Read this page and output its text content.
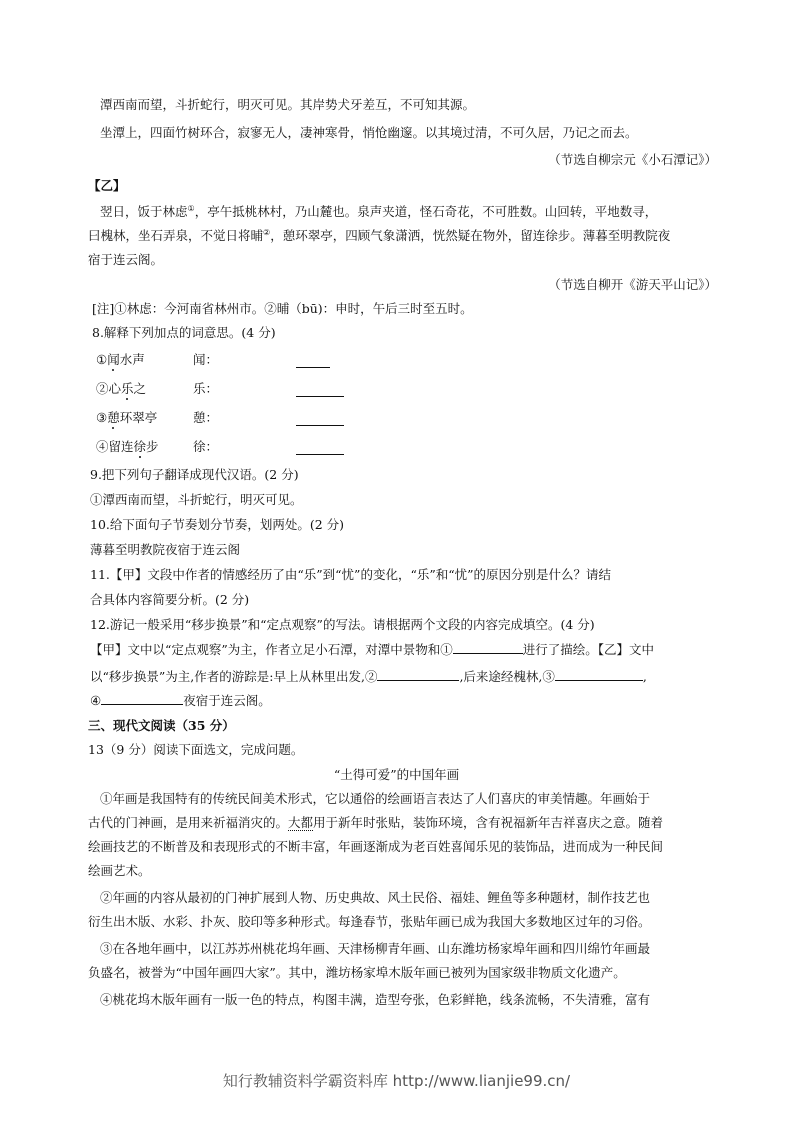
潭西南而望，斗折蛇行，明灭可见。其岸势犬牙差互，不可知其源。
坐潭上，四面竹树环合，寂寥无人，凄神寒骨，悄怆幽邃。以其境过清，不可久居，乃记之而去。
（节选自柳宗元《小石潭记》）
【乙】
翌日，饭于林虑①，亭午抵桃林村，乃山麓也。泉声夹道，怪石奇花，不可胜数。山回转，平地数寻，
曰槐林，坐石弄泉，不觉日将晡②，憩环翠亭，四顾气象潇洒，恍然疑在物外，留连徐步。薄暮至明教院夜
宿于连云阁。
（节选自柳开《游天平山记》）
[注]①林虑：今河南省林州市。②晡（bū)：申时，午后三时至五时。
8.解释下列加点的词意思。(4 分)
①闻水声	闻：
②心乐之	乐：
③憩环翠亭	憩：
④留连徐步	徐：
9.把下列句子翻译成现代汉语。(2 分)
①潭西南而望，斗折蛇行，明灭可见。
10.给下面句子节奏划分节奏，划两处。(2 分)
薄暮至明教院夜宿于连云阁
11.【甲】文段中作者的情感经历了由“乐”到“忧”的变化，“乐”和“忧”的原因分别是什么？请结
合具体内容简要分析。(2 分)
12.游记一般采用“移步换景”和“定点观察”的写法。请根据两个文段的内容完成填空。(4 分)
【甲】文中以“定点观察”为主，作者立足小石潭，对潭中景物和①	进行了描绘。【乙】文中
以“移步换景”为主,作者的游踪是:早上从林里出发,②	,后来途经槐林,③	,
④	夜宿于连云阁。
三、现代文阅读（35 分）
13（9 分）阅读下面选文，完成问题。
“土得可爱”的中国年画
①年画是我国特有的传统民间美术形式，它以通俗的绘画语言表达了人们喜庆的审美情趣。年画始于
古代的门神画，是用来祈福消灾的。大都用于新年时张贴，装饰环境，含有祝福新年吉祥喜庆之意。随着
绘画技艺的不断普及和表现形式的不断丰富，年画逐渐成为老百姓喜闻乐见的装饰品，进而成为一种民间
绘画艺术。
②年画的内容从最初的门神扩展到人物、历史典故、风土民俗、福娃、鲤鱼等多种题材，制作技艺也
衍生出木版、水彩、扑灰、胶印等多种形式。每逢春节，张贴年画已成为我国大多数地区过年的习俗。
③在各地年画中，以江苏苏州桃花坞年画、天津杨柳青年画、山东潍坊杨家埠年画和四川绵竹年画最
负盛名，被誉为“中国年画四大家”。其中，潍坊杨家埠木版年画已被列为国家级非物质文化遗产。
④桃花坞木版年画有一版一色的特点，构图丰满，造型夸张，色彩鲜艳，线条流畅，不失清雅，富有
知行教辅资料学霸资料库 http://www.lianjie99.cn/
